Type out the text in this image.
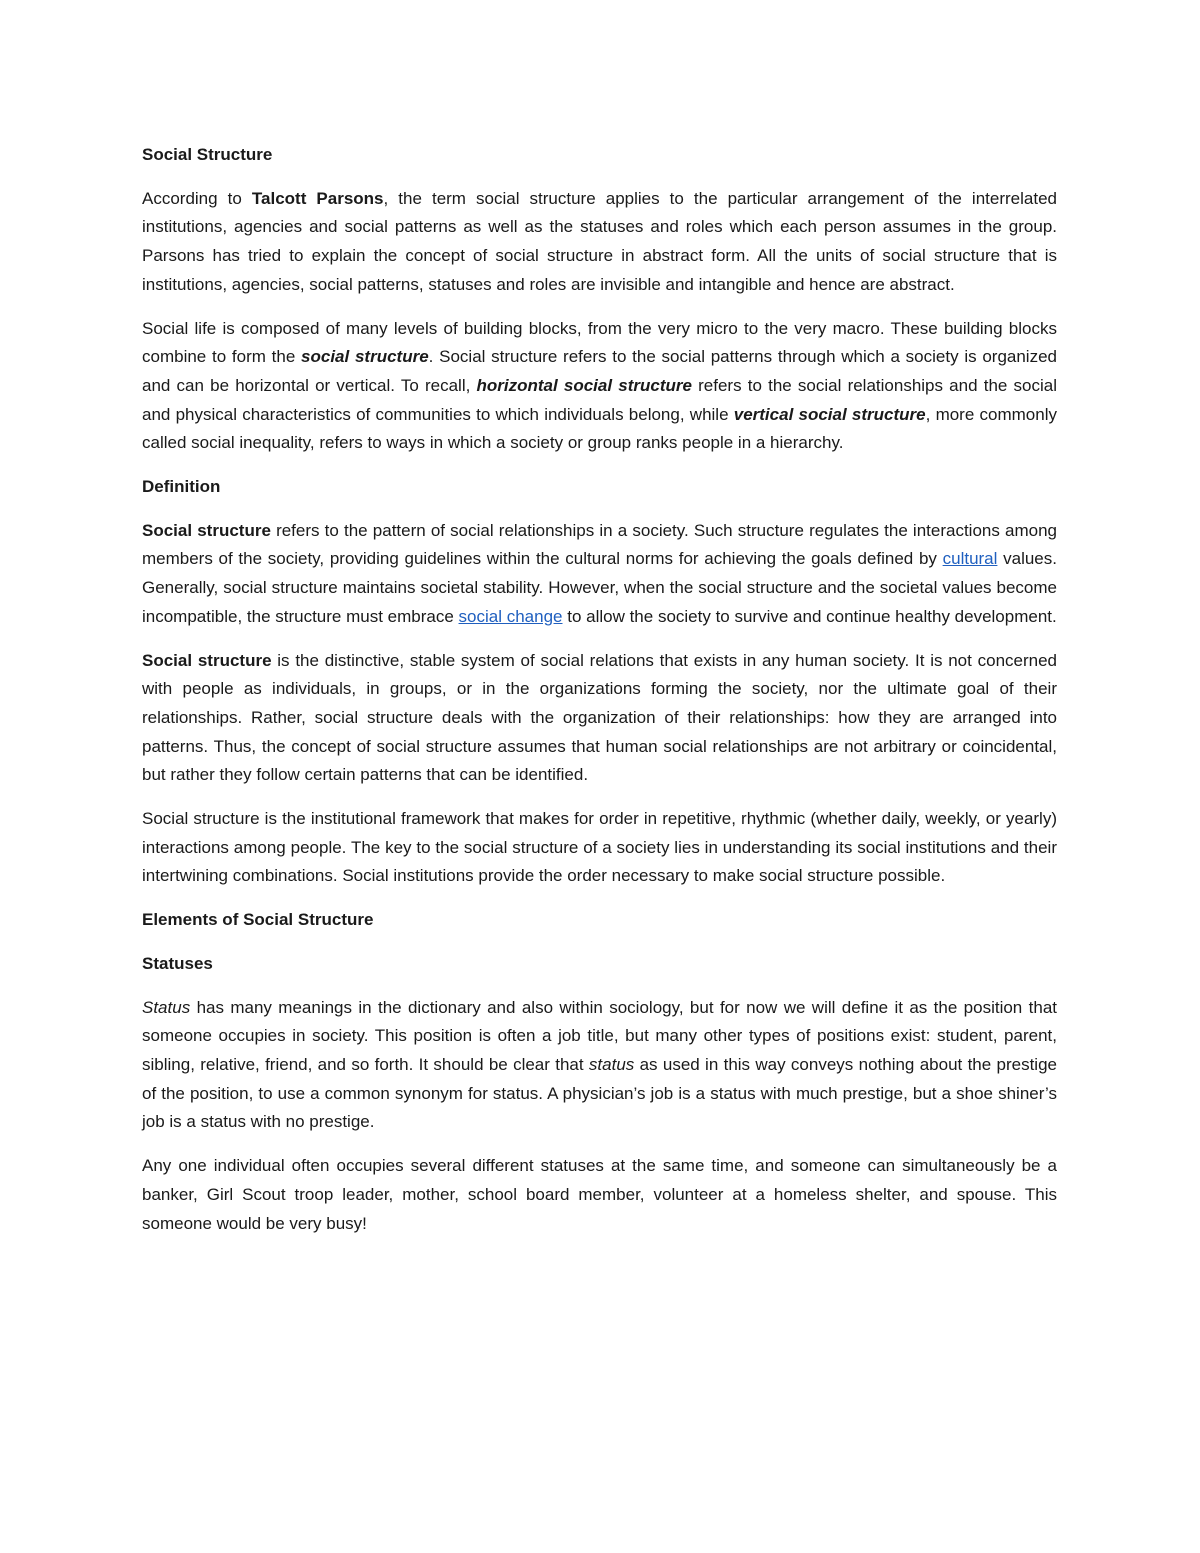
Social Structure

According to Talcott Parsons, the term social structure applies to the particular arrangement of the interrelated institutions, agencies and social patterns as well as the statuses and roles which each person assumes in the group. Parsons has tried to explain the concept of social structure in abstract form. All the units of social structure that is institutions, agencies, social patterns, statuses and roles are invisible and intangible and hence are abstract.

Social life is composed of many levels of building blocks, from the very micro to the very macro. These building blocks combine to form the social structure. Social structure refers to the social patterns through which a society is organized and can be horizontal or vertical. To recall, horizontal social structure refers to the social relationships and the social and physical characteristics of communities to which individuals belong, while vertical social structure, more commonly called social inequality, refers to ways in which a society or group ranks people in a hierarchy.

Definition

Social structure refers to the pattern of social relationships in a society. Such structure regulates the interactions among members of the society, providing guidelines within the cultural norms for achieving the goals defined by cultural values. Generally, social structure maintains societal stability. However, when the social structure and the societal values become incompatible, the structure must embrace social change to allow the society to survive and continue healthy development.

Social structure is the distinctive, stable system of social relations that exists in any human society. It is not concerned with people as individuals, in groups, or in the organizations forming the society, nor the ultimate goal of their relationships. Rather, social structure deals with the organization of their relationships: how they are arranged into patterns. Thus, the concept of social structure assumes that human social relationships are not arbitrary or coincidental, but rather they follow certain patterns that can be identified.

Social structure is the institutional framework that makes for order in repetitive, rhythmic (whether daily, weekly, or yearly) interactions among people. The key to the social structure of a society lies in understanding its social institutions and their intertwining combinations. Social institutions provide the order necessary to make social structure possible.

Elements of Social Structure
Statuses

Status has many meanings in the dictionary and also within sociology, but for now we will define it as the position that someone occupies in society. This position is often a job title, but many other types of positions exist: student, parent, sibling, relative, friend, and so forth. It should be clear that status as used in this way conveys nothing about the prestige of the position, to use a common synonym for status. A physician’s job is a status with much prestige, but a shoe shiner’s job is a status with no prestige.

Any one individual often occupies several different statuses at the same time, and someone can simultaneously be a banker, Girl Scout troop leader, mother, school board member, volunteer at a homeless shelter, and spouse. This someone would be very busy!
